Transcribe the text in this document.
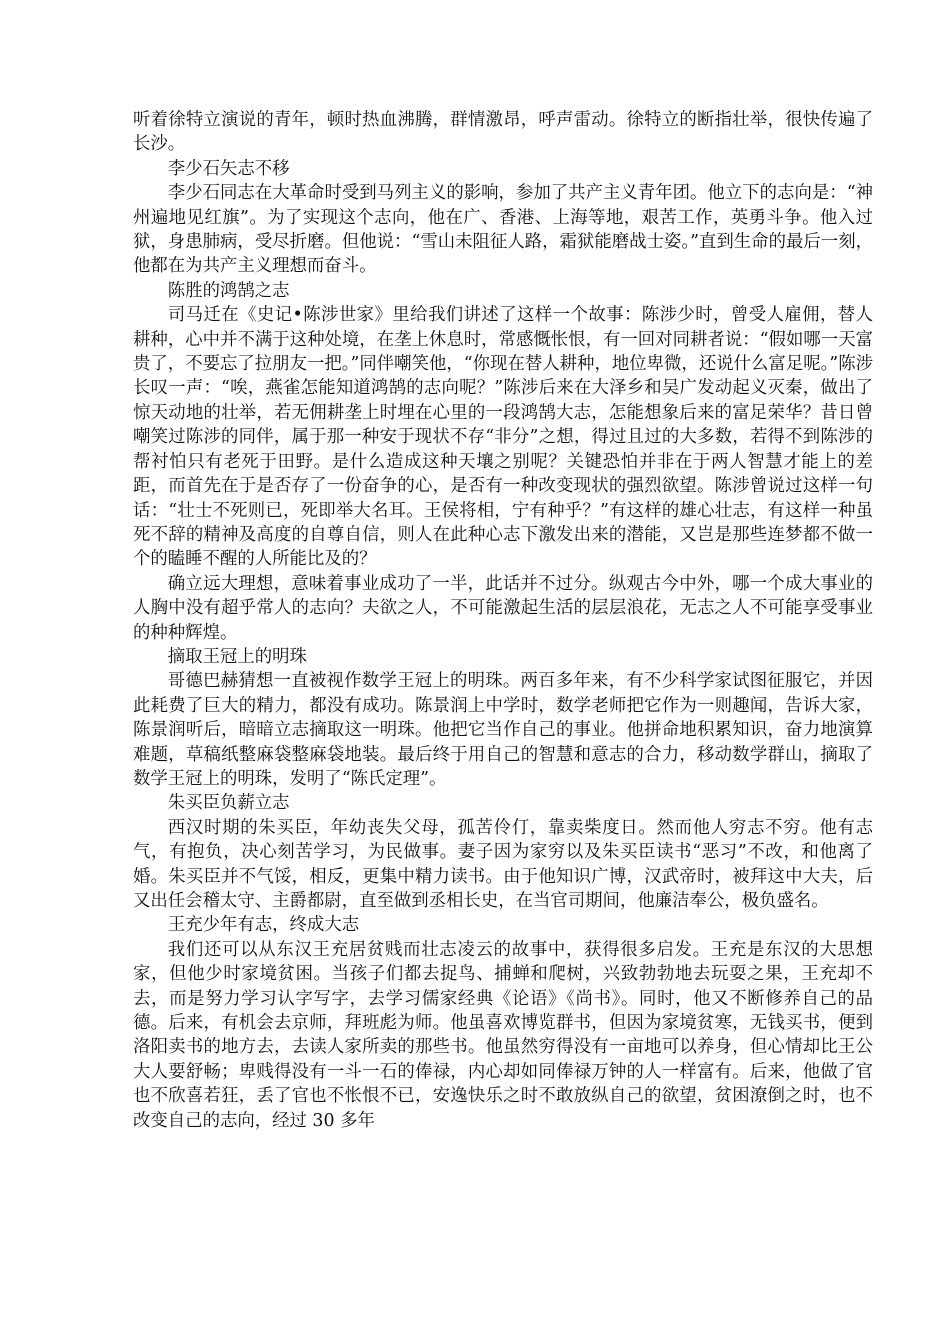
听着徐特立演说的青年，顿时热血沸腾，群情激昂，呼声雷动。徐特立的断指壮举，很快传遍了长沙。

李少石矢志不移

李少石同志在大革命时受到马列主义的影响，参加了共产主义青年团。他立下的志向是：“神州遍地见红旗”。为了实现这个志向，他在广、香港、上海等地，艰苦工作，英勇斗争。他入过狱，身患肺病，受尽折磨。但他说：“雪山未阻征人路，霜狱能磨战士姿。”直到生命的最后一刻，他都在为共产主义理想而奋斗。

陈胜的鸿鹄之志

司马迁在《史记•陈涉世家》里给我们讲述了这样一个故事：陈涉少时，曾受人雇佣，替人耕种，心中并不满于这种处境，在垄上休息时，常感慨怅恨，有一回对同耕者说：“假如哪一天富贵了，不要忘了拉朋友一把。”同伴嘲笑他，“你现在替人耕种，地位卑微，还说什么富足呢。”陈涉长叹一声：“唉，燕雀怎能知道鸿鹄的志向呢？”陈涉后来在大泽乡和吴广发动起义灭秦，做出了惊天动地的壮举，若无佣耕垄上时埋在心里的一段鸿鹄大志，怎能想象后来的富足荣华？昔日曾嘲笑过陈涉的同伴，属于那一种安于现状不存“非分”之想，得过且过的大多数，若得不到陈涉的帮衬怕只有老死于田野。是什么造成这种天壤之别呢？关键恐怕并非在于两人智慧才能上的差距，而首先在于是否存了一份奋争的心，是否有一种改变现状的强烈欲望。陈涉曾说过这样一句话：“壮士不死则已，死即举大名耳。王侯将相，宁有种乎？”有这样的雄心壮志，有这样一种虽死不辞的精神及高度的自尊自信，则人在此种心志下激发出来的潜能，又岂是那些连梦都不做一个的瞌睡不醒的人所能比及的？

确立远大理想，意味着事业成功了一半，此话并不过分。纵观古今中外，哪一个成大事业的人胸中没有超乎常人的志向？夫欲之人，不可能激起生活的层层浪花，无志之人不可能享受事业的种种辉煌。

摘取王冠上的明珠

哥德巴赫猜想一直被视作数学王冠上的明珠。两百多年来，有不少科学家试图征服它，并因此耗费了巨大的精力，都没有成功。陈景润上中学时，数学老师把它作为一则趣闻，告诉大家，陈景润听后，暗暗立志摘取这一明珠。他把它当作自己的事业。他拼命地积累知识，奋力地演算难题，草稿纸整麻袋整麻袋地装。最后终于用自己的智慧和意志的合力，移动数学群山，摘取了数学王冠上的明珠，发明了“陈氏定理”。

朱买臣负薪立志

西汉时期的朱买臣，年幼丧失父母，孤苦伶仃，靠卖柴度日。然而他人穷志不穷。他有志气，有抱负，决心刻苦学习，为民做事。妻子因为家穷以及朱买臣读书“恶习”不改，和他离了婚。朱买臣并不气馁，相反，更集中精力读书。由于他知识广博，汉武帝时，被拜这中大夫，后又出任会稽太守、主爵都尉，直至做到丞相长史，在当官司期间，他廉洁奉公，极负盛名。

王充少年有志，终成大志

我们还可以从东汉王充居贫贱而壮志凌云的故事中，获得很多启发。王充是东汉的大思想家，但他少时家境贫困。当孩子们都去捉鸟、捕蝉和爬树，兴致勃勃地去玩耍之果，王充却不去，而是努力学习认字写字，去学习儒家经典《论语》《尚书》。同时，他又不断修养自己的品德。后来，有机会去京师，拜班彪为师。他虽喜欢博览群书，但因为家境贫寒，无钱买书，便到洛阳卖书的地方去，去读人家所卖的那些书。他虽然穷得没有一亩地可以养身，但心情却比王公大人要舒畅；卑贱得没有一斗一石的俸禄，内心却如同俸禄万钟的人一样富有。后来，他做了官也不欣喜若狂，丢了官也不怅恨不已，安逸快乐之时不敢放纵自己的欲望，贫困潦倒之时，也不改变自己的志向，经过 30 多年
